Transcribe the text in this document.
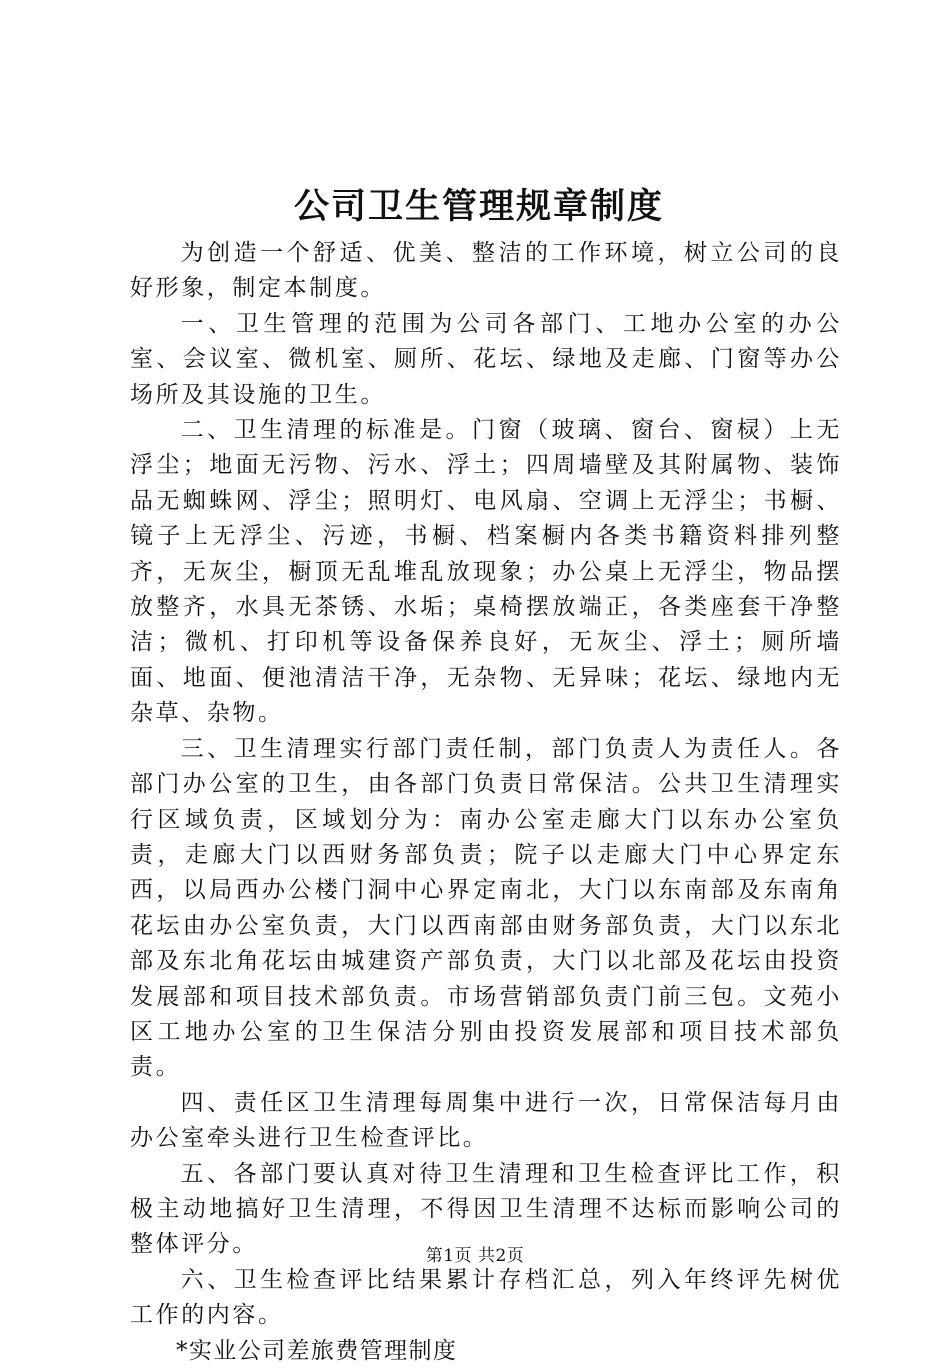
公司卫生管理规章制度

为创造一个舒适、优美、整洁的工作环境，树立公司的良好形象，制定本制度。

一、卫生管理的范围为公司各部门、工地办公室的办公室、会议室、微机室、厕所、花坛、绿地及走廊、门窗等办公场所及其设施的卫生。

二、卫生清理的标准是。门窗（玻璃、窗台、窗棂）上无浮尘；地面无污物、污水、浮土；四周墙壁及其附属物、装饰品无蜘蛛网、浮尘；照明灯、电风扇、空调上无浮尘；书橱、镜子上无浮尘、污迹，书橱、档案橱内各类书籍资料排列整齐，无灰尘，橱顶无乱堆乱放现象；办公桌上无浮尘，物品摆放整齐，水具无茶锈、水垢；桌椅摆放端正，各类座套干净整洁；微机、打印机等设备保养良好，无灰尘、浮土；厕所墙面、地面、便池清洁干净，无杂物、无异味；花坛、绿地内无杂草、杂物。

三、卫生清理实行部门责任制，部门负责人为责任人。各部门办公室的卫生，由各部门负责日常保洁。公共卫生清理实行区域负责，区域划分为：南办公室走廊大门以东办公室负责，走廊大门以西财务部负责；院子以走廊大门中心界定东西，以局西办公楼门洞中心界定南北，大门以东南部及东南角花坛由办公室负责，大门以西南部由财务部负责，大门以东北部及东北角花坛由城建资产部负责，大门以北部及花坛由投资发展部和项目技术部负责。市场营销部负责门前三包。文苑小区工地办公室的卫生保洁分别由投资发展部和项目技术部负责。

四、责任区卫生清理每周集中进行一次，日常保洁每月由办公室牵头进行卫生检查评比。

五、各部门要认真对待卫生清理和卫生检查评比工作，积极主动地搞好卫生清理，不得因卫生清理不达标而影响公司的整体评分。

六、卫生检查评比结果累计存档汇总，列入年终评先树优工作的内容。

*实业公司差旅费管理制度

第1页 共2页
